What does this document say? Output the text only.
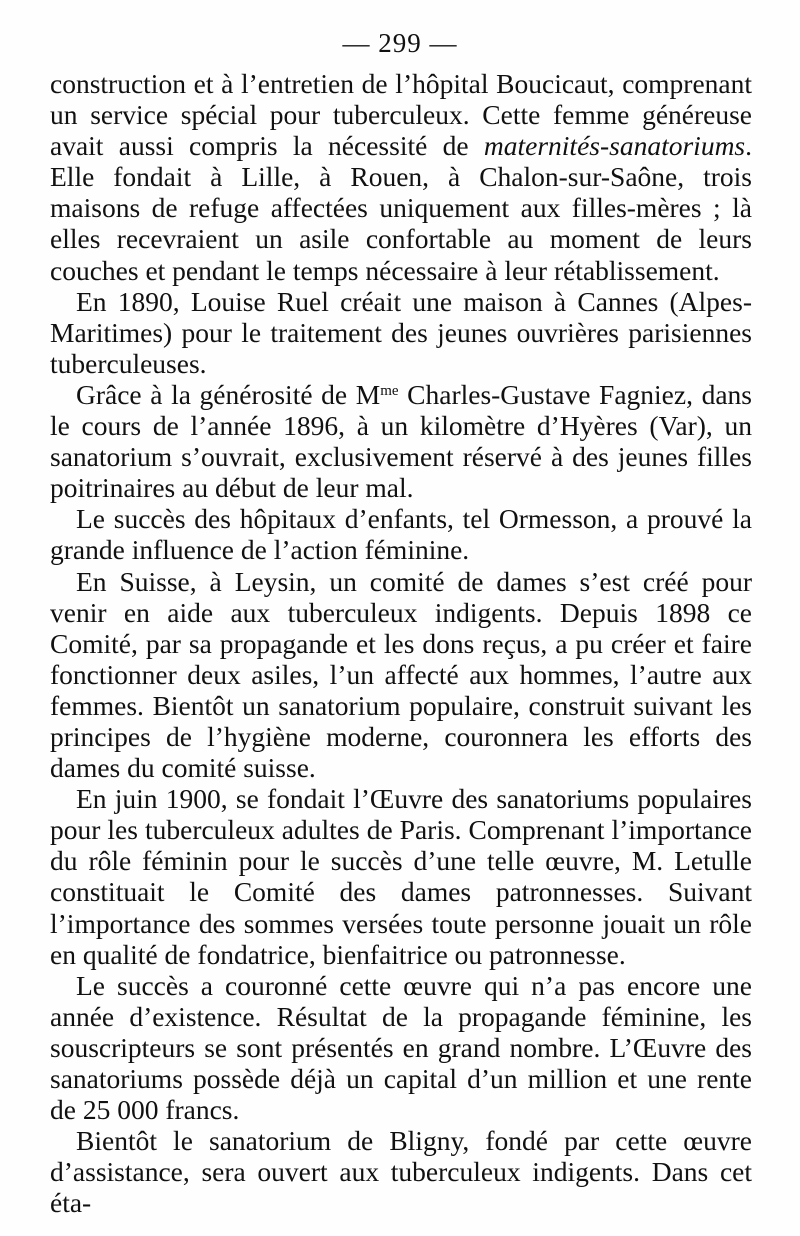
— 299 —

construction et à l’entretien de l’hôpital Boucicaut, comprenant un service spécial pour tuberculeux. Cette femme généreuse avait aussi compris la nécessité de maternités-sanatoriums. Elle fondait à Lille, à Rouen, à Chalon-sur-Saône, trois maisons de refuge affectées uniquement aux filles-mères ; là elles recevraient un asile confortable au moment de leurs couches et pendant le temps nécessaire à leur rétablissement.

En 1890, Louise Ruel créait une maison à Cannes (Alpes-Maritimes) pour le traitement des jeunes ouvrières parisiennes tuberculeuses.

Grâce à la générosité de $M^{me}$ Charles-Gustave Fagniez, dans le cours de l’année 1896, à un kilomètre d’Hyères (Var), un sanatorium s’ouvrait, exclusivement réservé à des jeunes filles poitrinaires au début de leur mal.

Le succès des hôpitaux d’enfants, tel Ormesson, a prouvé la grande influence de l’action féminine.

En Suisse, à Leysin, un comité de dames s’est créé pour venir en aide aux tuberculeux indigents. Depuis 1898 ce Comité, par sa propagande et les dons reçus, a pu créer et faire fonctionner deux asiles, l’un affecté aux hommes, l’autre aux femmes. Bientôt un sanatorium populaire, construit suivant les principes de l’hygiène moderne, couronnera les efforts des dames du comité suisse.

En juin 1900, se fondait l’Œuvre des sanatoriums populaires pour les tuberculeux adultes de Paris. Comprenant l’importance du rôle féminin pour le succès d’une telle œuvre, M. Letulle constituait le Comité des dames patronnesses. Suivant l’importance des sommes versées toute personne jouait un rôle en qualité de fondatrice, bienfaitrice ou patronnesse.

Le succès a couronné cette œuvre qui n’a pas encore une année d’existence. Résultat de la propagande féminine, les souscripteurs se sont présentés en grand nombre. L’Œuvre des sanatoriums possède déjà un capital d’un million et une rente de 25 000 francs.

Bientôt le sanatorium de Bligny, fondé par cette œuvre d’assistance, sera ouvert aux tuberculeux indigents. Dans cet éta-
